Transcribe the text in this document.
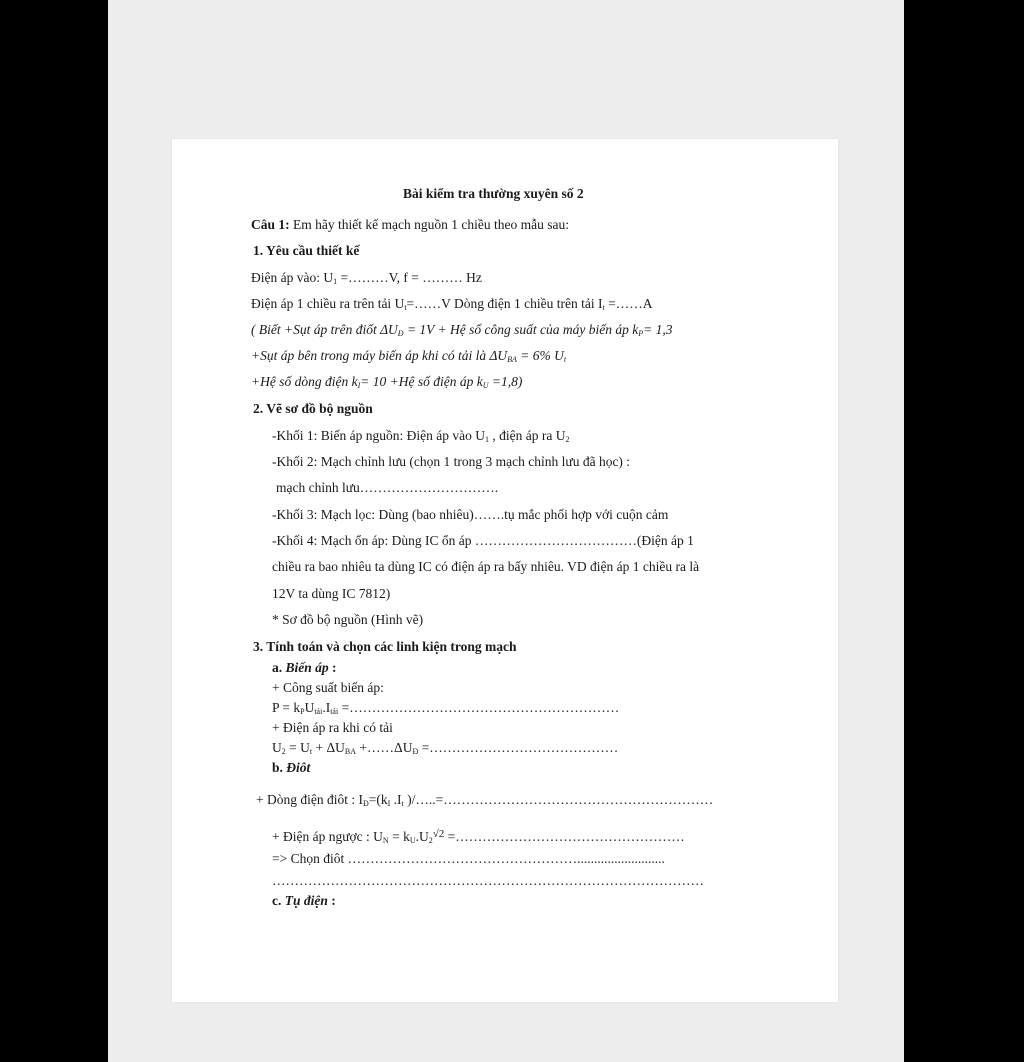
Bài kiểm tra thường xuyên số 2
Câu 1: Em hãy thiết kế mạch nguồn 1 chiều theo mẫu sau:
1. Yêu cầu thiết kế
Điện áp vào: $U_1$ =………V, f = ……… Hz
Điện áp 1 chiều ra trên tải $U_t=\dots\dots V$ Dòng điện 1 chiều trên tải $I_t$ =……A
( Biết +Sụt áp trên điốt $\Delta U_Đ = 1V$ + Hệ số công suất của máy biến áp $k_P= 1,3$
+Sụt áp bên trong máy biến áp khi có tải là $\Delta U_{BA} = 6\%$ $U_t$
+Hệ số dòng điện $k_I= 10$ +Hệ số điện áp $k_U =1,8$)
2. Vẽ sơ đồ bộ nguồn
-Khối 1: Biến áp nguồn: Điện áp vào $U_1$ , điện áp ra $U_2$
-Khối 2: Mạch chỉnh lưu (chọn 1 trong 3 mạch chỉnh lưu đã học) :
mạch chỉnh lưu………………………….
-Khối 3: Mạch lọc: Dùng (bao nhiêu)…….tụ mắc phối hợp với cuộn cảm
-Khối 4: Mạch ổn áp: Dùng IC ổn áp ………………………………(Điện áp 1
chiều ra bao nhiêu ta dùng IC có điện áp ra bấy nhiêu. VD điện áp 1 chiều ra là
12V ta dùng IC 7812)
* Sơ đồ bộ nguồn (Hình vẽ)
3. Tính toán và chọn các linh kiện trong mạch
a. Biến áp :
+ Công suất biến áp:
$P = k_PU_{tải}.I_{tải}$ =……………………………………………………
+ Điện áp ra khi có tải
$U_2 = U_t + \Delta U_{BA}$ $+\dots\dots\Delta U_Đ$ =……………………………………
b. Điôt
+ Dòng điện điôt : $I_Đ=(k_I$ $.I_t$ )/…..=……………………………………………………
+ Điện áp ngược : $U_N = k_U.U_2^{√2}$ =……………………………………………
=> Chọn điôt ……………………………………………..........................
……………………………………………………………………………………
c. Tụ điện :
